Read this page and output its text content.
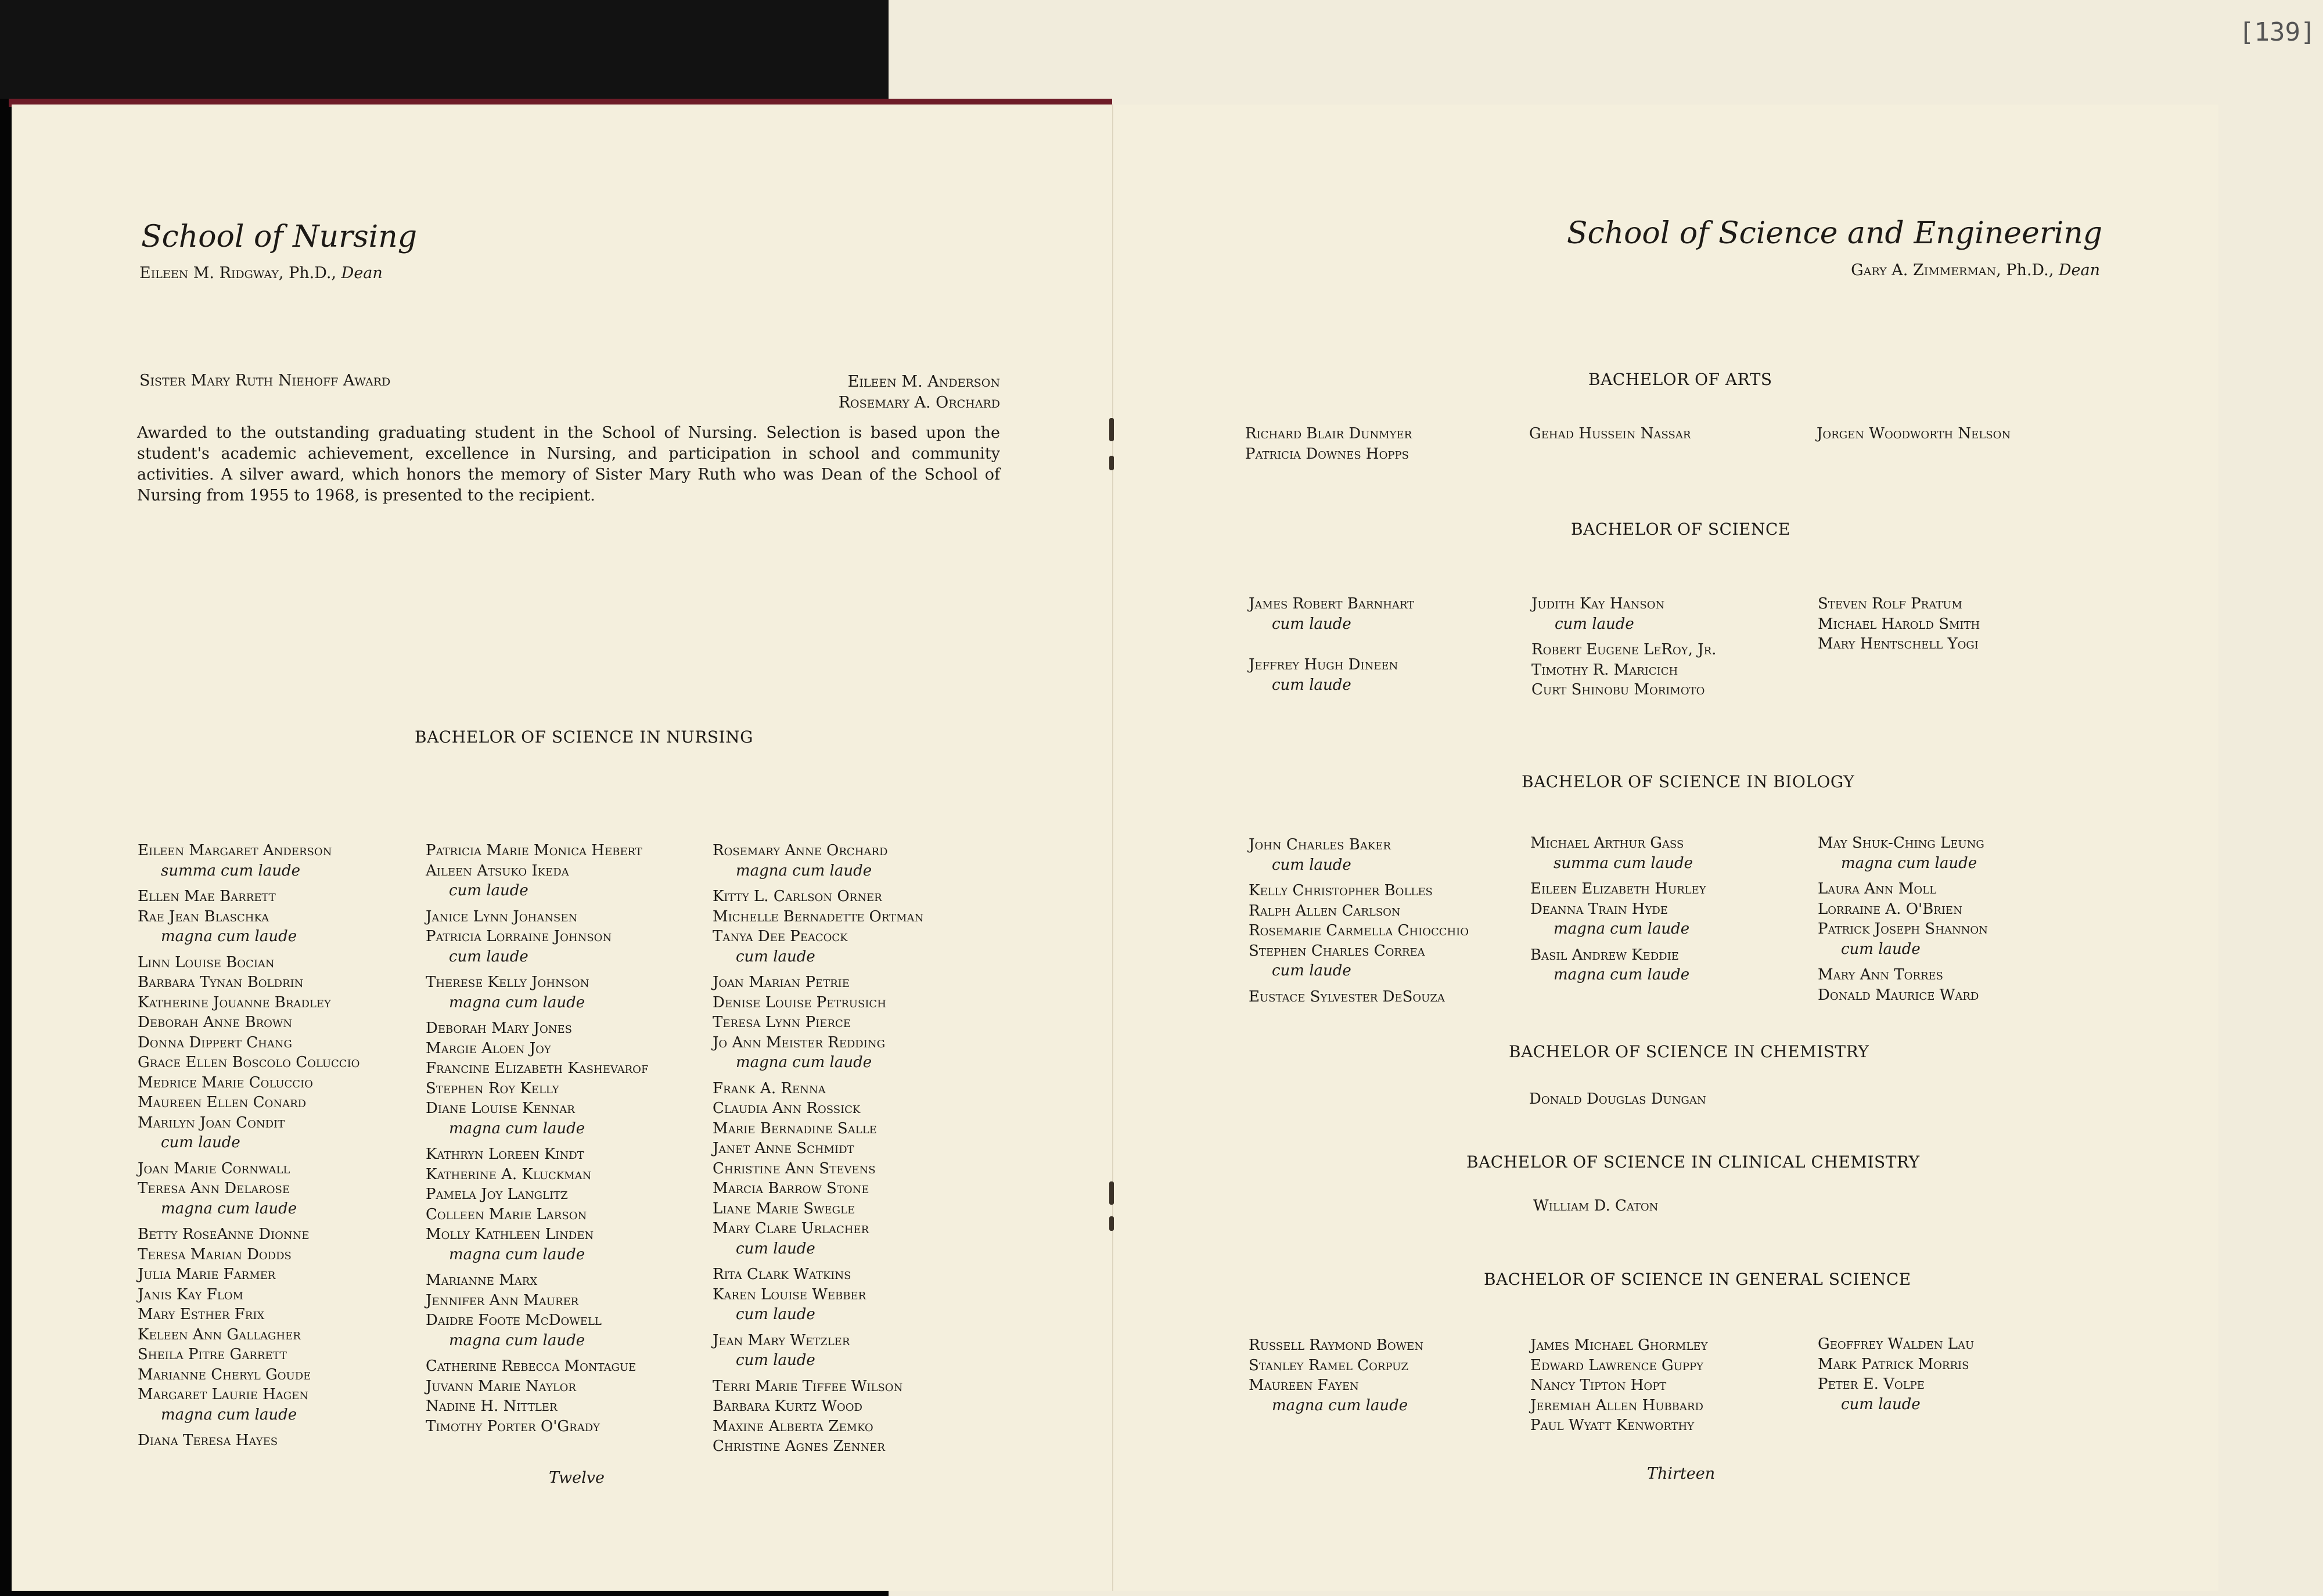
[139]
School of Nursing
Eileen M. Ridgway, Ph.D., Dean
Sister Mary Ruth Niehoff Award	Eileen M. Anderson
Rosemary A. Orchard
Awarded to the outstanding graduating student in the School of Nursing. Selection is based upon the student's academic achievement, excellence in Nursing, and participation in school and community activities. A silver award, which honors the memory of Sister Mary Ruth who was Dean of the School of Nursing from 1955 to 1968, is presented to the recipient.
BACHELOR OF SCIENCE IN NURSING
Eileen Margaret Anderson
summa cum laude
Ellen Mae Barrett
Rae Jean Blaschka
magna cum laude
Linn Louise Bocian
Barbara Tynan Boldrin
Katherine Jouanne Bradley
Deborah Anne Brown
Donna Dippert Chang
Grace Ellen Boscolo Coluccio
Medrice Marie Coluccio
Maureen Ellen Conard
Marilyn Joan Condit
cum laude
Joan Marie Cornwall
Teresa Ann Delarose
magna cum laude
Betty RoseAnne Dionne
Teresa Marian Dodds
Julia Marie Farmer
Janis Kay Flom
Mary Esther Frix
Keleen Ann Gallagher
Sheila Pitre Garrett
Marianne Cheryl Goude
Margaret Laurie Hagen
magna cum laude
Diana Teresa Hayes
Patricia Marie Monica Hebert
Aileen Atsuko Ikeda
cum laude
Janice Lynn Johansen
Patricia Lorraine Johnson
cum laude
Therese Kelly Johnson
magna cum laude
Deborah Mary Jones
Margie Aloen Joy
Francine Elizabeth Kashevarof
Stephen Roy Kelly
Diane Louise Kennar
magna cum laude
Kathryn Loreen Kindt
Katherine A. Kluckman
Pamela Joy Langlitz
Colleen Marie Larson
Molly Kathleen Linden
magna cum laude
Marianne Marx
Jennifer Ann Maurer
Daidre Foote McDowell
magna cum laude
Catherine Rebecca Montague
Juvann Marie Naylor
Nadine H. Nittler
Timothy Porter O'Grady
Rosemary Anne Orchard
magna cum laude
Kitty L. Carlson Orner
Michelle Bernadette Ortman
Tanya Dee Peacock
cum laude
Joan Marian Petrie
Denise Louise Petrusich
Teresa Lynn Pierce
Jo Ann Meister Redding
magna cum laude
Frank A. Renna
Claudia Ann Rossick
Marie Bernadine Salle
Janet Anne Schmidt
Christine Ann Stevens
Marcia Barrow Stone
Liane Marie Swegle
Mary Clare Urlacher
cum laude
Rita Clark Watkins
Karen Louise Webber
cum laude
Jean Mary Wetzler
cum laude
Terri Marie Tiffee Wilson
Barbara Kurtz Wood
Maxine Alberta Zemko
Christine Agnes Zenner
Twelve
School of Science and Engineering
Gary A. Zimmerman, Ph.D., Dean
BACHELOR OF ARTS
Richard Blair Dunmyer
Patricia Downes Hopps
Gehad Hussein Nassar	Jorgen Woodworth Nelson
BACHELOR OF SCIENCE
James Robert Barnhart
cum laude
Jeffrey Hugh Dineen
cum laude
Judith Kay Hanson
cum laude
Robert Eugene LeRoy, Jr.
Timothy R. Maricich
Curt Shinobu Morimoto
Steven Rolf Pratum
Michael Harold Smith
Mary Hentschell Yogi
BACHELOR OF SCIENCE IN BIOLOGY
John Charles Baker
cum laude
Kelly Christopher Bolles
Ralph Allen Carlson
Rosemarie Carmella Chiocchio
Stephen Charles Correa
cum laude
Eustace Sylvester DeSouza
Michael Arthur Gass
summa cum laude
Eileen Elizabeth Hurley
Deanna Train Hyde
magna cum laude
Basil Andrew Keddie
magna cum laude
May Shuk-Ching Leung
magna cum laude
Laura Ann Moll
Lorraine A. O'Brien
Patrick Joseph Shannon
cum laude
Mary Ann Torres
Donald Maurice Ward
BACHELOR OF SCIENCE IN CHEMISTRY
Donald Douglas Dungan
BACHELOR OF SCIENCE IN CLINICAL CHEMISTRY
William D. Caton
BACHELOR OF SCIENCE IN GENERAL SCIENCE
Russell Raymond Bowen
Stanley Ramel Corpuz
Maureen Fayen
magna cum laude
James Michael Ghormley
Edward Lawrence Guppy
Nancy Tipton Hopt
Jeremiah Allen Hubbard
Paul Wyatt Kenworthy
Geoffrey Walden Lau
Mark Patrick Morris
Peter E. Volpe
cum laude
Thirteen
